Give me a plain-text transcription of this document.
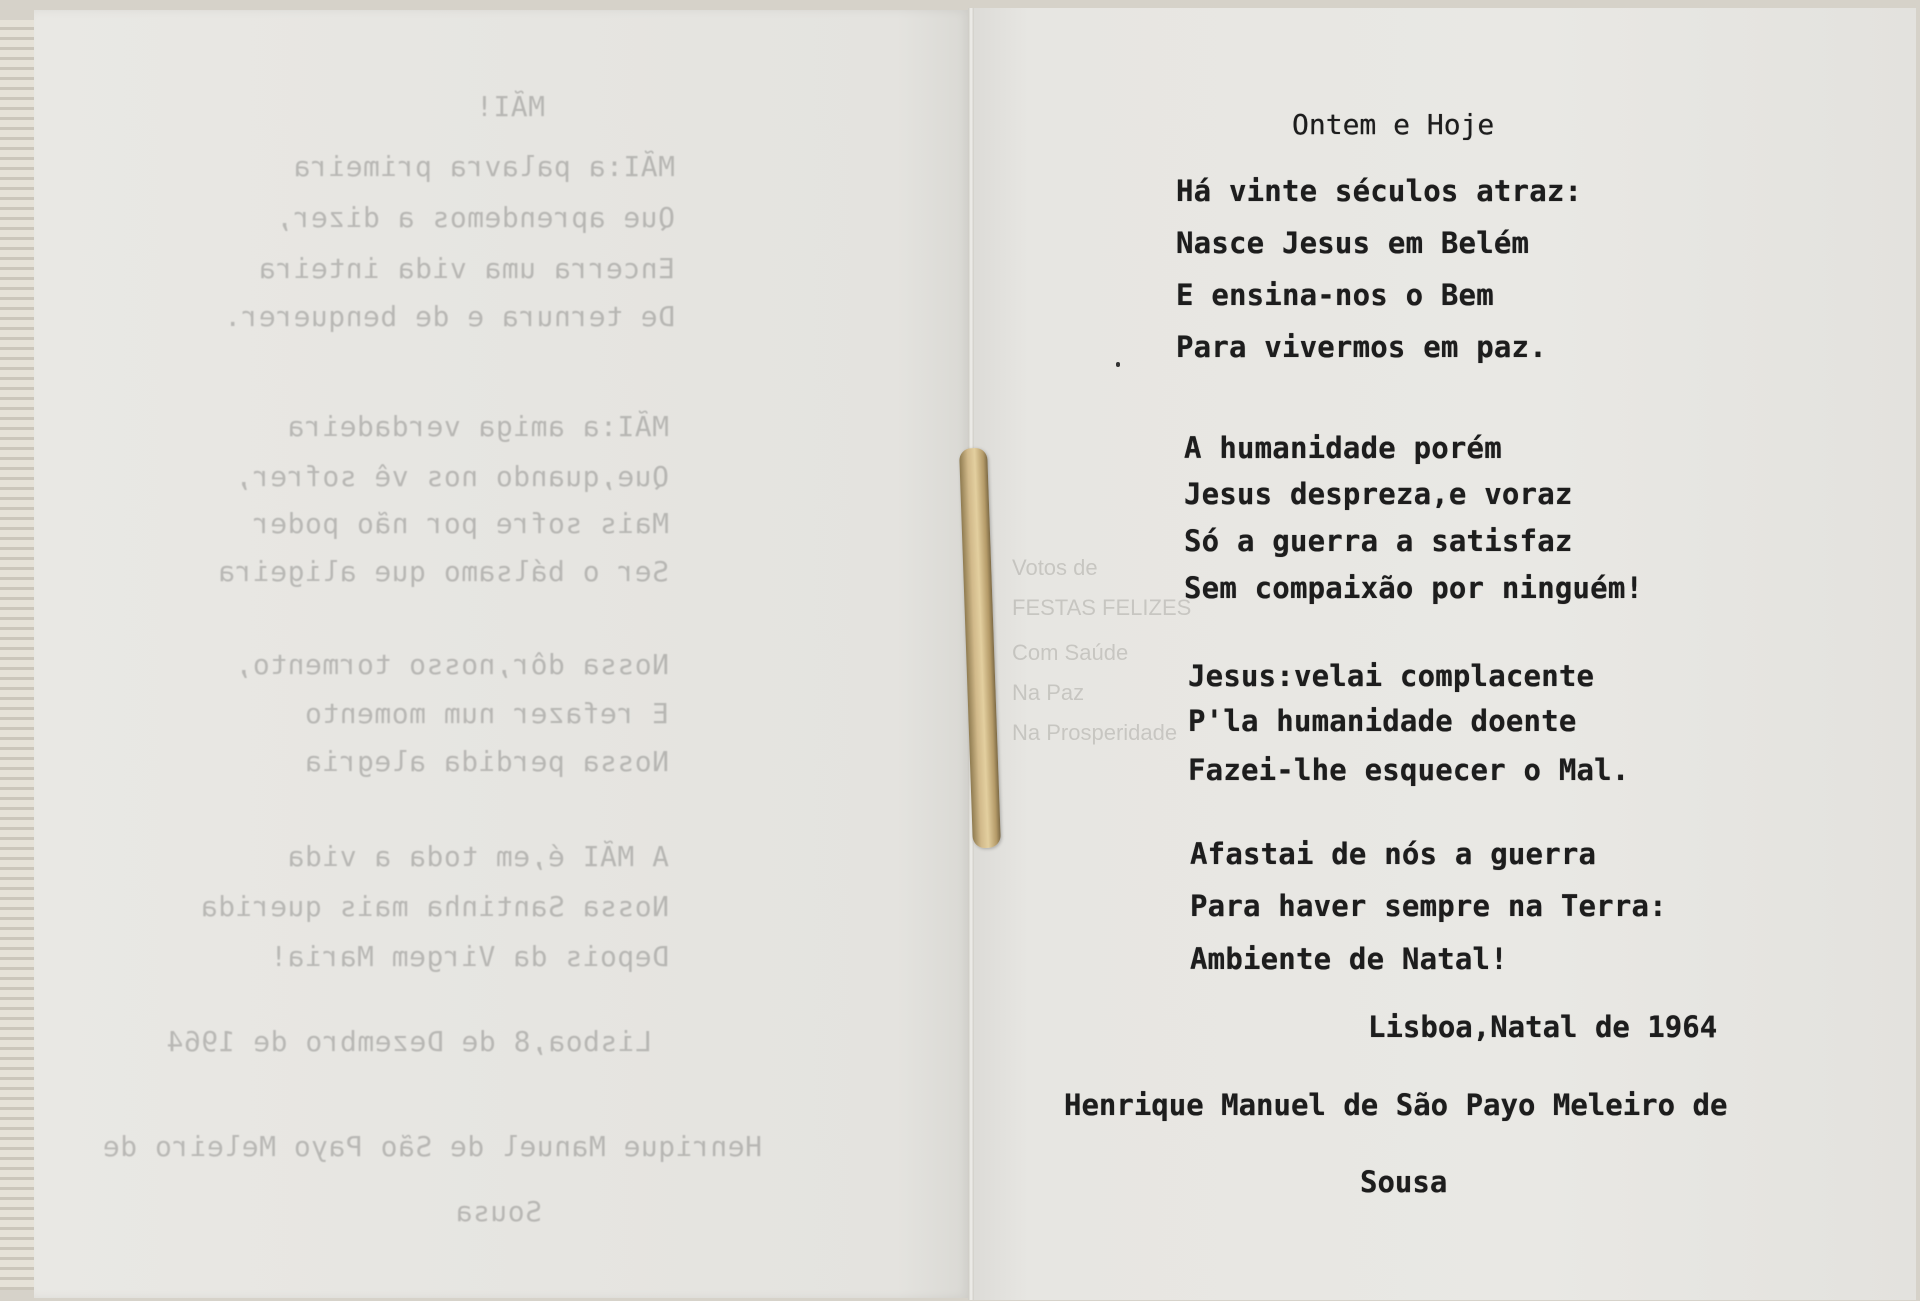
MÃI!
MÃI:a palavra primeira
Que aprendemos a dizer,
Encerra uma vida inteira
De ternura e de benquerer.
MÃI:a amiga verdadeira
Que,quando nos vê sofrer,
Mais sofre por não poder
Ser o bálsamo que aligeira
Nossa dôr,nosso tormento,
E refazer num momento
Nossa perdida alegria
A MÃI é,em toda a vida
Nossa Santinha mais querida
Depois da Virgem Maria!
Lisboa,8 de Dezembro de 1964
Henrique Manuel de São Payo Meleiro de
Sousa
Votos de
FESTAS FELIZES
Com Saúde
Na Paz
Na Prosperidade
Ontem e Hoje
Há vinte séculos atraz:
Nasce Jesus em Belém
E ensina-nos o Bem
Para vivermos em paz.
A humanidade porém
Jesus despreza,e voraz
Só a guerra a satisfaz
Sem compaixão por ninguém!
Jesus:velai complacente
P'la humanidade doente
Fazei-lhe esquecer o Mal.
Afastai de nós a guerra
Para haver sempre na Terra:
Ambiente de Natal!
Lisboa,Natal de 1964
Henrique Manuel de São Payo Meleiro de
Sousa
